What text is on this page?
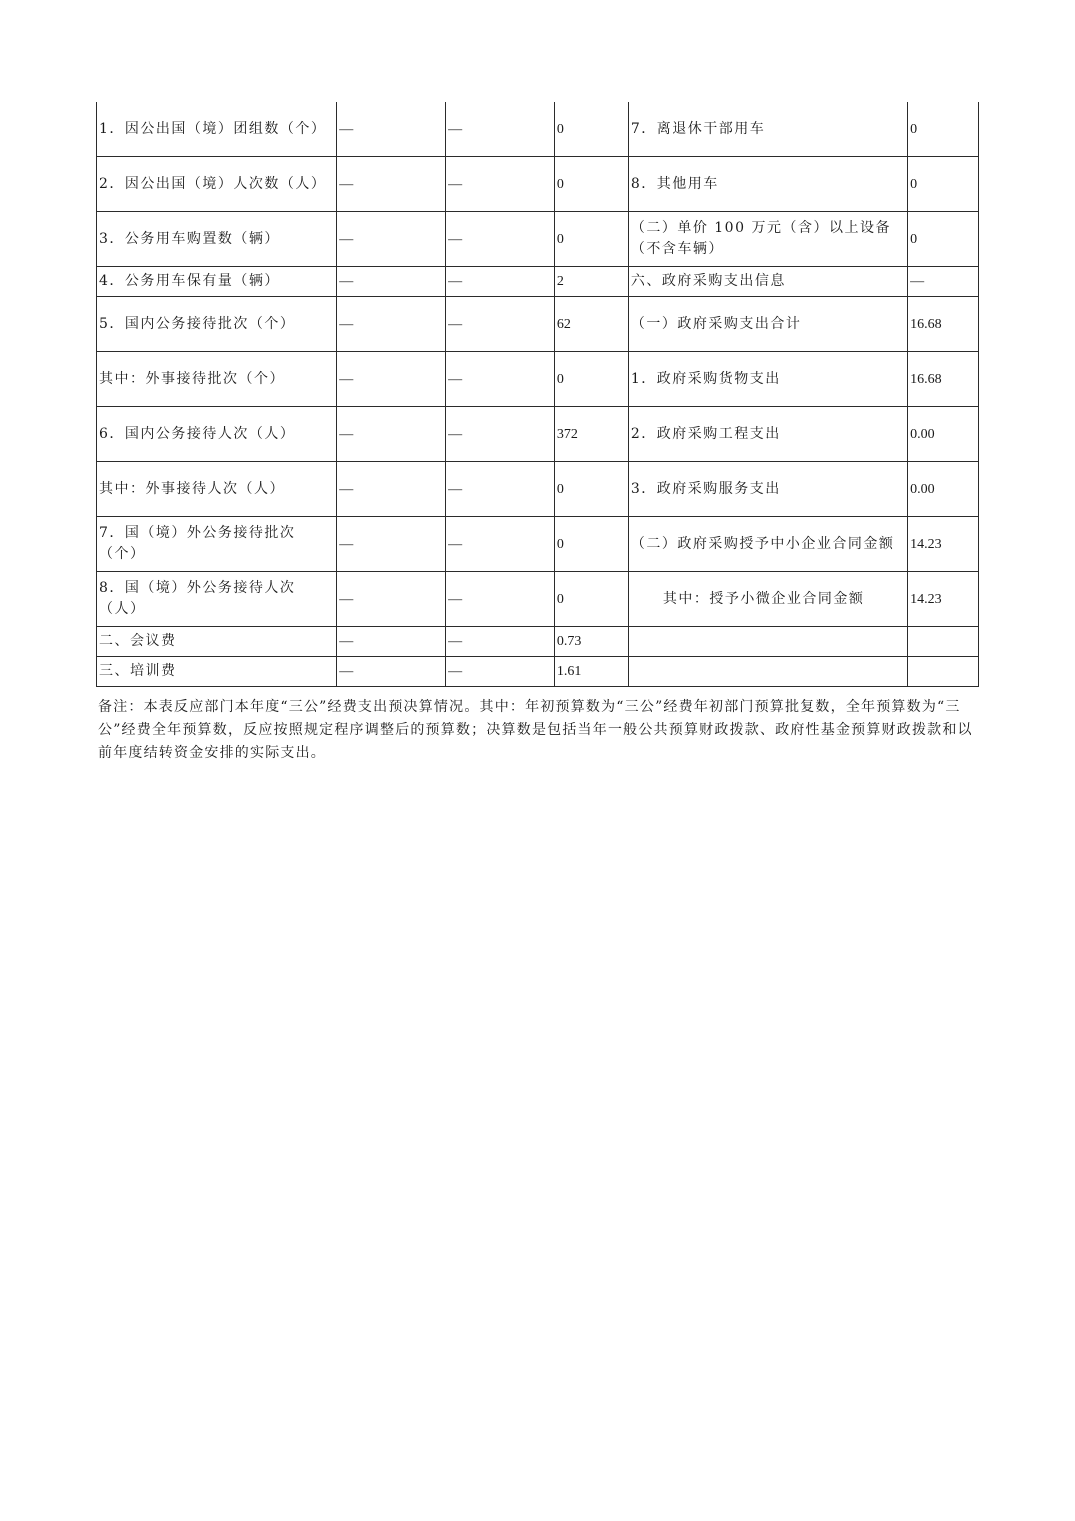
1．因公出国（境）团组数（个）	—	—	0	7．离退休干部用车	0
2．因公出国（境）人次数（人）	—	—	0	8．其他用车	0
3．公务用车购置数（辆）	—	—	0	（二）单价 100 万元（含）以上设备（不含车辆）	0
4．公务用车保有量（辆）	—	—	2	六、政府采购支出信息	—
5．国内公务接待批次（个）	—	—	62	（一）政府采购支出合计	16.68
其中：外事接待批次（个）	—	—	0	1．政府采购货物支出	16.68
6．国内公务接待人次（人）	—	—	372	2．政府采购工程支出	0.00
其中：外事接待人次（人）	—	—	0	3．政府采购服务支出	0.00
7．国（境）外公务接待批次（个）	—	—	0	（二）政府采购授予中小企业合同金额	14.23
8．国（境）外公务接待人次（人）	—	—	0	其中：授予小微企业合同金额	14.23
二、会议费	—	—	0.73		
三、培训费	—	—	1.61		

备注：本表反应部门本年度“三公”经费支出预决算情况。其中：年初预算数为“三公”经费年初部门预算批复数，全年预算数为“三公”经费全年预算数，反应按照规定程序调整后的预算数；决算数是包括当年一般公共预算财政拨款、政府性基金预算财政拨款和以前年度结转资金安排的实际支出。
